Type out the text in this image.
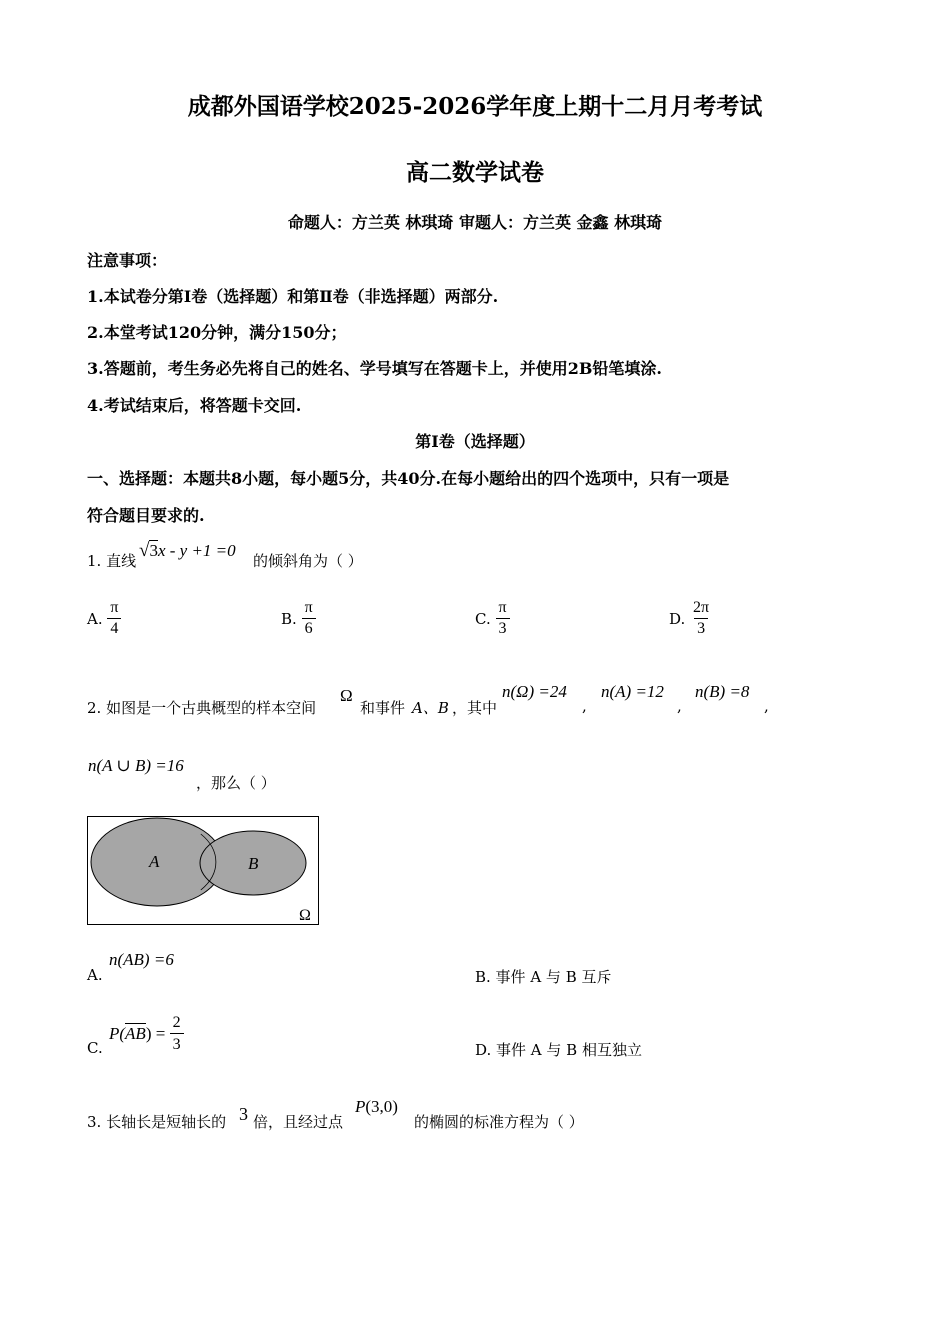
成都外国语学校2025-2026学年度上期十二月月考考试
高二数学试卷
命题人：方兰英 林琪琦 审题人：方兰英 金鑫 林琪琦
注意事项：
1.本试卷分第Ⅰ卷（选择题）和第Ⅱ卷（非选择题）两部分.
2.本堂考试120分钟，满分150分；
3.答题前，考生务必先将自己的姓名、学号填写在答题卡上，并使用2B铅笔填涂.
4.考试结束后，将答题卡交回.
第Ⅰ卷（选择题）
一、选择题：本题共8小题，每小题5分，共40分.在每小题给出的四个选项中，只有一项是
符合题目要求的.
1. 直线 √3x - y +1 =0
的倾斜角为（ ）
A. $\frac{\pi}{4}$	B. $\frac{\pi}{6}$	C. $\frac{\pi}{3}$	D. $\frac{2\pi}{3}$
2. 如图是一个古典概型的样本空间
Ω
和事件 A、B ，其中
n(Ω) =24
,
n(A) =12
,
n(B) =8
,
n(A ∪ B) =16
，那么（ ）
A	B
Ω
A.
n(AB) =6
B. 事件 A 与 B 互斥
C.
$P(AB) = \frac{2}{3}$	D. 事件 A 与 B 相互独立
3. 长轴长是短轴长的 3 倍，且经过点
P(3,0)
的椭圆的标准方程为（ ）
